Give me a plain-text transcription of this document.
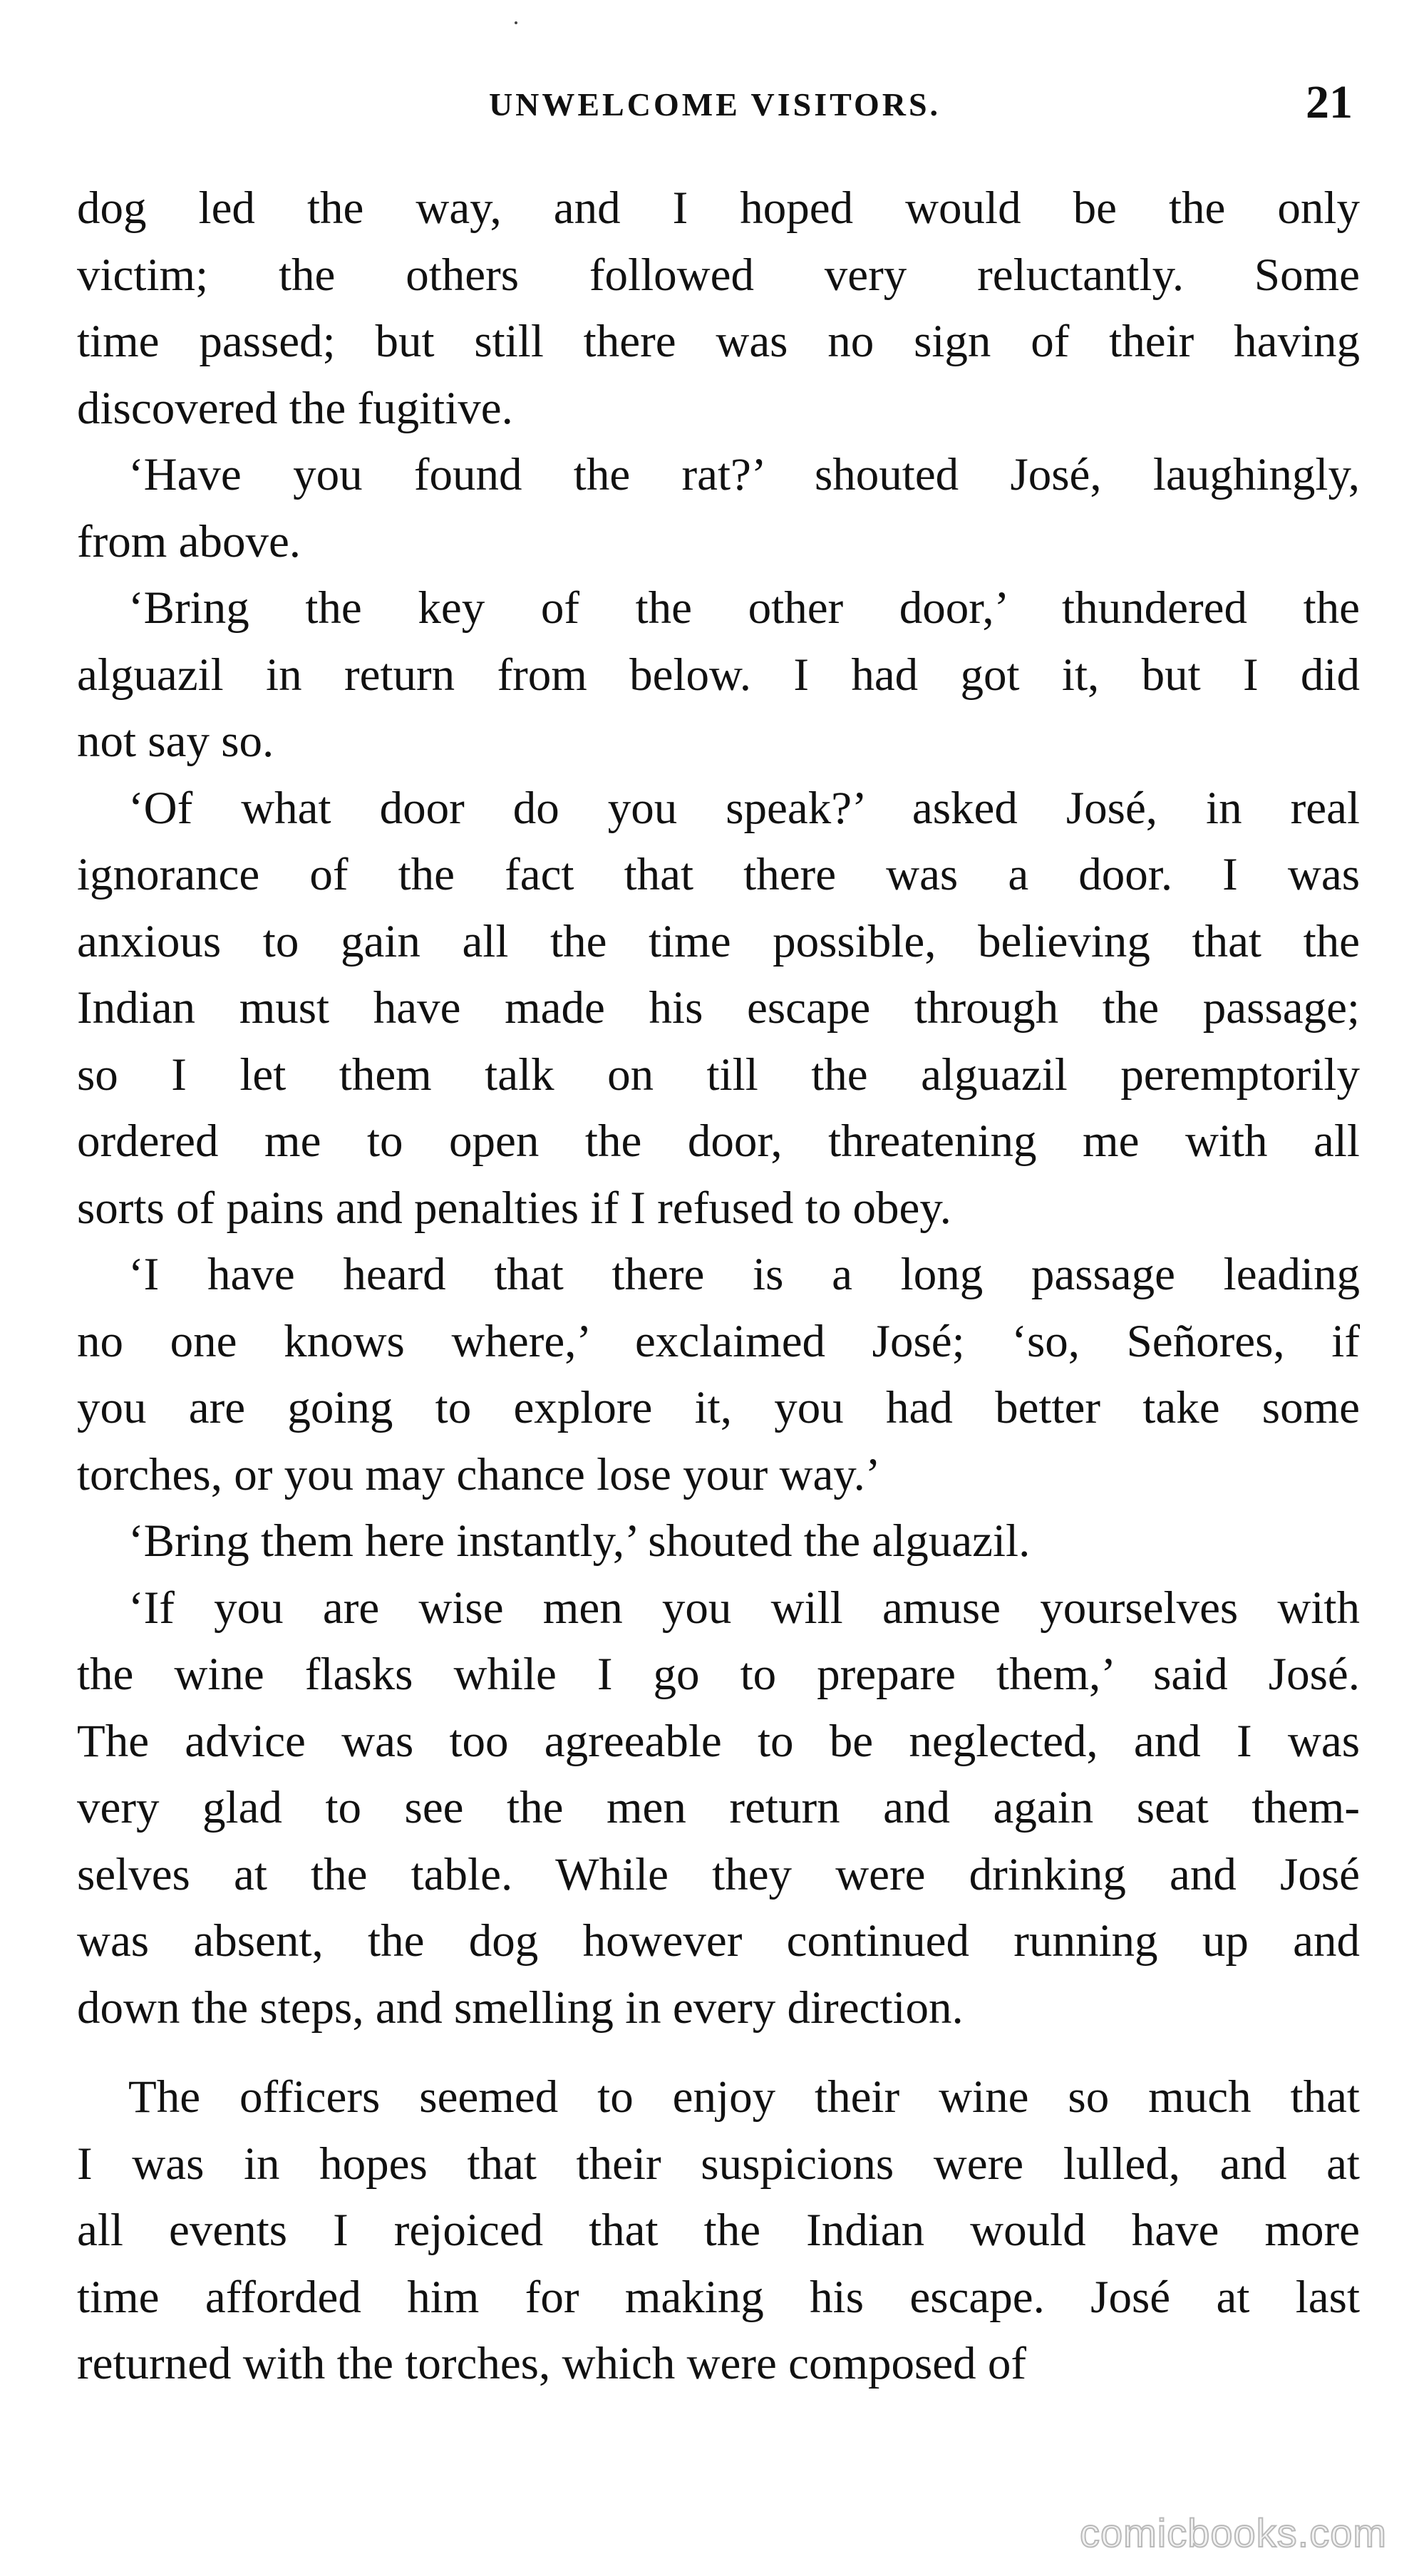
UNWELCOME VISITORS.	21

dog led the way, and I hoped would be the only
victim; the others followed very reluctantly. Some
time passed; but still there was no sign of their having
discovered the fugitive.

‘Have you found the rat?’ shouted José, laughingly,
from above.

‘Bring the key of the other door,’ thundered the
alguazil in return from below. I had got it, but I did
not say so.

‘Of what door do you speak?’ asked José, in real
ignorance of the fact that there was a door. I was
anxious to gain all the time possible, believing that the
Indian must have made his escape through the passage;
so I let them talk on till the alguazil peremptorily
ordered me to open the door, threatening me with all
sorts of pains and penalties if I refused to obey.

‘I have heard that there is a long passage leading
no one knows where,’ exclaimed José; ‘so, Señores, if
you are going to explore it, you had better take some
torches, or you may chance lose your way.’

‘Bring them here instantly,’ shouted the alguazil.

‘If you are wise men you will amuse yourselves with
the wine flasks while I go to prepare them,’ said José.
The advice was too agreeable to be neglected, and I was
very glad to see the men return and again seat them-
selves at the table. While they were drinking and José
was absent, the dog however continued running up and
down the steps, and smelling in every direction.

The officers seemed to enjoy their wine so much that
I was in hopes that their suspicions were lulled, and at
all events I rejoiced that the Indian would have more
time afforded him for making his escape. José at last
returned with the torches, which were composed of

comicbooks.com
